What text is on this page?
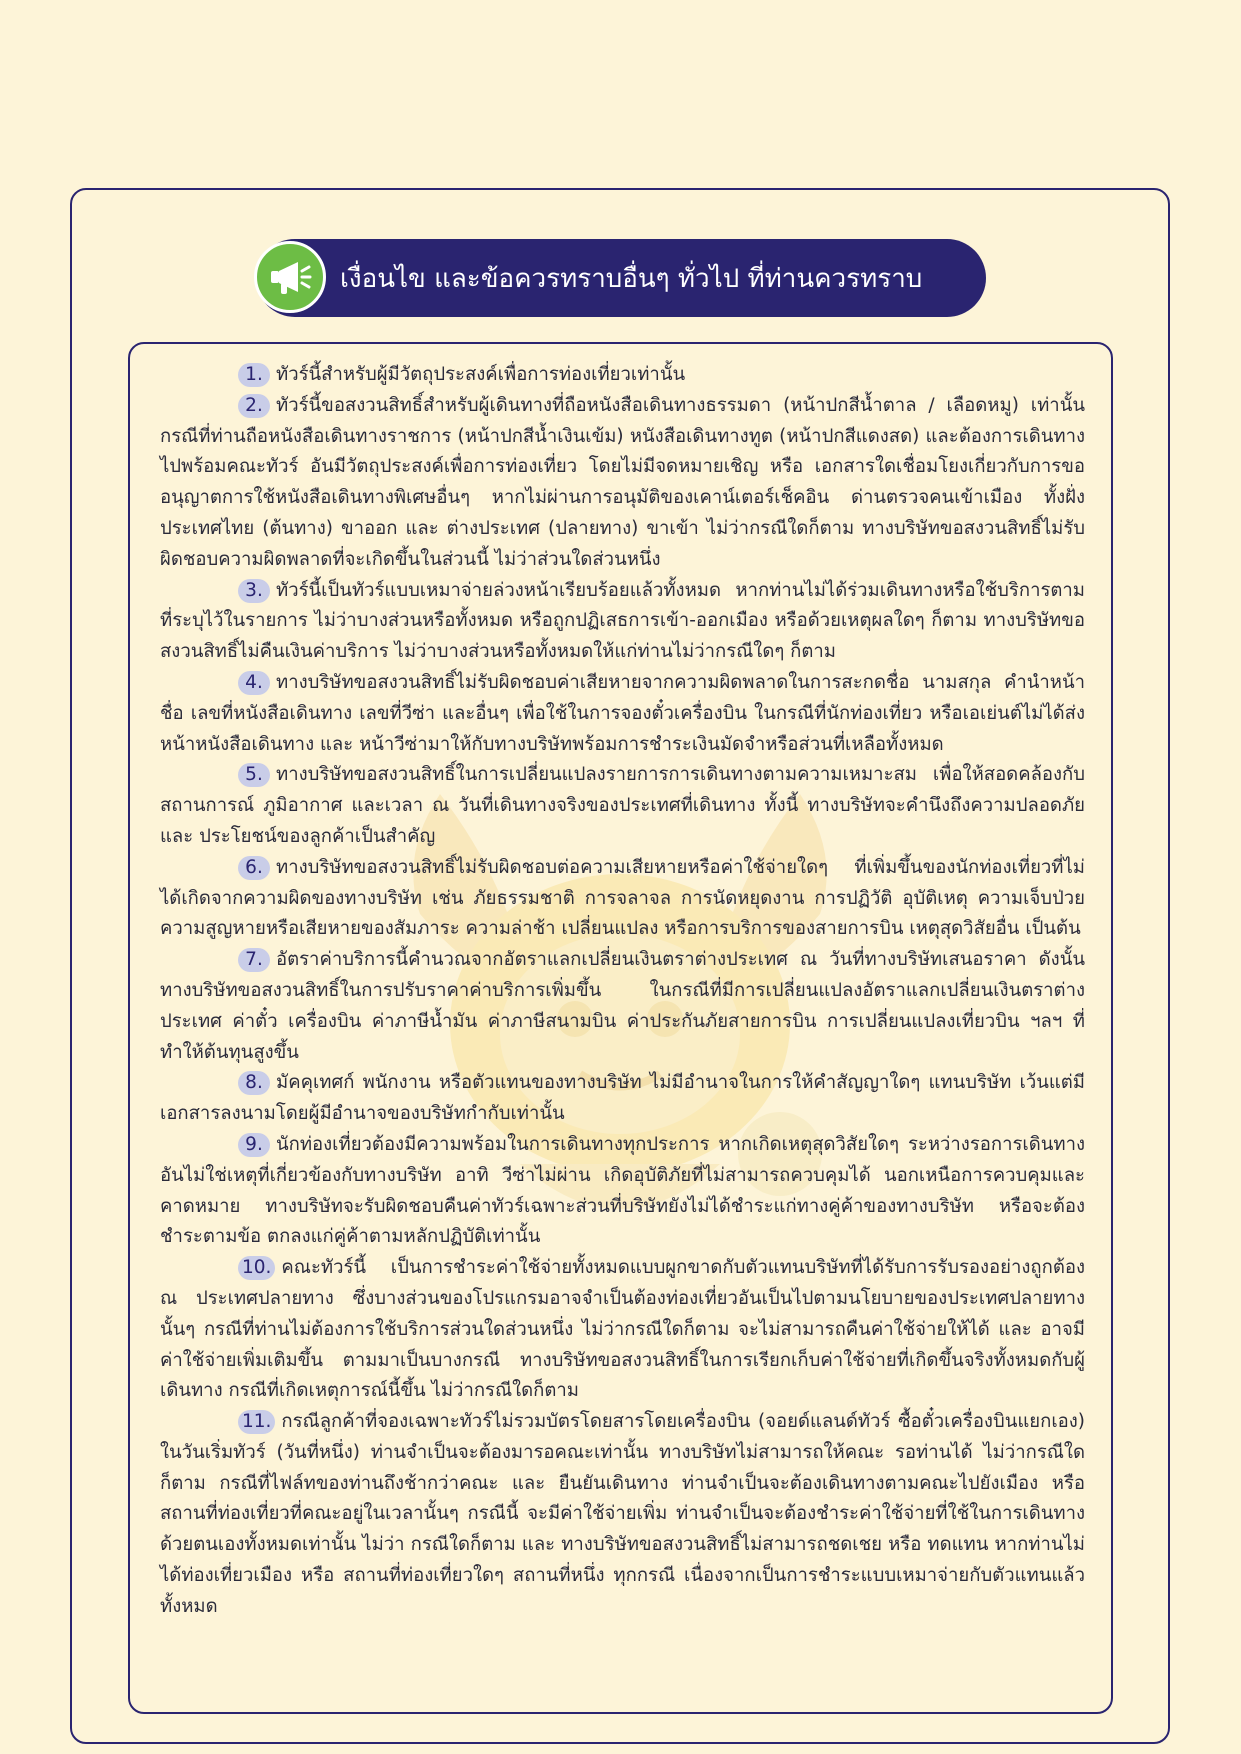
เงื่อนไข และข้อควรทราบอื่นๆ ทั่วไป ที่ท่านควรทราบ
1. ทัวร์นี้สำหรับผู้มีวัตถุประสงค์เพื่อการท่องเที่ยวเท่านั้น
2. ทัวร์นี้ขอสงวนสิทธิ์สำหรับผู้เดินทางที่ถือหนังสือเดินทางธรรมดา (หน้าปกสีน้ำตาล / เลือดหมู) เท่านั้น กรณีที่ท่านถือหนังสือเดินทางราชการ (หน้าปกสีน้ำเงินเข้ม) หนังสือเดินทางทูต (หน้าปกสีแดงสด) และต้องการเดินทางไปพร้อมคณะทัวร์ อันมีวัตถุประสงค์เพื่อการท่องเที่ยว โดยไม่มีจดหมายเชิญ หรือ เอกสารใดเชื่อมโยงเกี่ยวกับการขออนุญาตการใช้หนังสือเดินทางพิเศษอื่นๆ หากไม่ผ่านการอนุมัติของเคาน์เตอร์เช็คอิน ด่านตรวจคนเข้าเมือง ทั้งฝั่งประเทศไทย (ต้นทาง) ขาออก และ ต่างประเทศ (ปลายทาง) ขาเข้า ไม่ว่ากรณีใดก็ตาม ทางบริษัทขอสงวนสิทธิ์ไม่รับผิดชอบความผิดพลาดที่จะเกิดขึ้นในส่วนนี้ ไม่ว่าส่วนใดส่วนหนึ่ง
3. ทัวร์นี้เป็นทัวร์แบบเหมาจ่ายล่วงหน้าเรียบร้อยแล้วทั้งหมด หากท่านไม่ได้ร่วมเดินทางหรือใช้บริการตามที่ระบุไว้ในรายการ ไม่ว่าบางส่วนหรือทั้งหมด หรือถูกปฏิเสธการเข้า-ออกเมือง หรือด้วยเหตุผลใดๆ ก็ตาม ทางบริษัทขอสงวนสิทธิ์ไม่คืนเงินค่าบริการ ไม่ว่าบางส่วนหรือทั้งหมดให้แก่ท่านไม่ว่ากรณีใดๆ ก็ตาม
4. ทางบริษัทขอสงวนสิทธิ์ไม่รับผิดชอบค่าเสียหายจากความผิดพลาดในการสะกดชื่อ นามสกุล คำนำหน้าชื่อ เลขที่หนังสือเดินทาง เลขที่วีซ่า และอื่นๆ เพื่อใช้ในการจองตั๋วเครื่องบิน ในกรณีที่นักท่องเที่ยว หรือเอเย่นต์ไม่ได้ส่งหน้าหนังสือเดินทาง และ หน้าวีซ่ามาให้กับทางบริษัทพร้อมการชำระเงินมัดจำหรือส่วนที่เหลือทั้งหมด
5. ทางบริษัทขอสงวนสิทธิ์ในการเปลี่ยนแปลงรายการการเดินทางตามความเหมาะสม เพื่อให้สอดคล้องกับ สถานการณ์ ภูมิอากาศ และเวลา ณ วันที่เดินทางจริงของประเทศที่เดินทาง ทั้งนี้ ทางบริษัทจะคำนึงถึงความปลอดภัย และ ประโยชน์ของลูกค้าเป็นสำคัญ
6. ทางบริษัทขอสงวนสิทธิ์ไม่รับผิดชอบต่อความเสียหายหรือค่าใช้จ่ายใดๆ ที่เพิ่มขึ้นของนักท่องเที่ยวที่ไม่ได้เกิดจากความผิดของทางบริษัท เช่น ภัยธรรมชาติ การจลาจล การนัดหยุดงาน การปฏิวัติ อุบัติเหตุ ความเจ็บป่วย ความสูญหายหรือเสียหายของสัมภาระ ความล่าช้า เปลี่ยนแปลง หรือการบริการของสายการบิน เหตุสุดวิสัยอื่น เป็นต้น
7. อัตราค่าบริการนี้คำนวณจากอัตราแลกเปลี่ยนเงินตราต่างประเทศ ณ วันที่ทางบริษัทเสนอราคา ดังนั้น ทางบริษัทขอสงวนสิทธิ์ในการปรับราคาค่าบริการเพิ่มขึ้น ในกรณีที่มีการเปลี่ยนแปลงอัตราแลกเปลี่ยนเงินตราต่างประเทศ ค่าตั๋ว เครื่องบิน ค่าภาษีน้ำมัน ค่าภาษีสนามบิน ค่าประกันภัยสายการบิน การเปลี่ยนแปลงเที่ยวบิน ฯลฯ ที่ทำให้ต้นทุนสูงขึ้น
8. มัคคุเทศก์ พนักงาน หรือตัวแทนของทางบริษัท ไม่มีอำนาจในการให้คำสัญญาใดๆ แทนบริษัท เว้นแต่มีเอกสารลงนามโดยผู้มีอำนาจของบริษัทกำกับเท่านั้น
9. นักท่องเที่ยวต้องมีความพร้อมในการเดินทางทุกประการ หากเกิดเหตุสุดวิสัยใดๆ ระหว่างรอการเดินทาง อันไม่ใช่เหตุที่เกี่ยวข้องกับทางบริษัท อาทิ วีซ่าไม่ผ่าน เกิดอุบัติภัยที่ไม่สามารถควบคุมได้ นอกเหนือการควบคุมและคาดหมาย ทางบริษัทจะรับผิดชอบคืนค่าทัวร์เฉพาะส่วนที่บริษัทยังไม่ได้ชำระแก่ทางคู่ค้าของทางบริษัท หรือจะต้องชำระตามข้อ ตกลงแก่คู่ค้าตามหลักปฏิบัติเท่านั้น
10. คณะทัวร์นี้ เป็นการชำระค่าใช้จ่ายทั้งหมดแบบผูกขาดกับตัวแทนบริษัทที่ได้รับการรับรองอย่างถูกต้อง ณ ประเทศปลายทาง ซึ่งบางส่วนของโปรแกรมอาจจำเป็นต้องท่องเที่ยวอันเป็นไปตามนโยบายของประเทศปลายทางนั้นๆ กรณีที่ท่านไม่ต้องการใช้บริการส่วนใดส่วนหนึ่ง ไม่ว่ากรณีใดก็ตาม จะไม่สามารถคืนค่าใช้จ่ายให้ได้ และ อาจมีค่าใช้จ่ายเพิ่มเติมขึ้น ตามมาเป็นบางกรณี ทางบริษัทขอสงวนสิทธิ์ในการเรียกเก็บค่าใช้จ่ายที่เกิดขึ้นจริงทั้งหมดกับผู้เดินทาง กรณีที่เกิดเหตุการณ์นี้ขึ้น ไม่ว่ากรณีใดก็ตาม
11. กรณีลูกค้าที่จองเฉพาะทัวร์ไม่รวมบัตรโดยสารโดยเครื่องบิน (จอยด์แลนด์ทัวร์ ซื้อตั๋วเครื่องบินแยกเอง) ในวันเริ่มทัวร์ (วันที่หนึ่ง) ท่านจำเป็นจะต้องมารอคณะเท่านั้น ทางบริษัทไม่สามารถให้คณะ รอท่านได้ ไม่ว่ากรณีใดก็ตาม กรณีที่ไฟล์ทของท่านถึงช้ากว่าคณะ และ ยืนยันเดินทาง ท่านจำเป็นจะต้องเดินทางตามคณะไปยังเมือง หรือ สถานที่ท่องเที่ยวที่คณะอยู่ในเวลานั้นๆ กรณีนี้ จะมีค่าใช้จ่ายเพิ่ม ท่านจำเป็นจะต้องชำระค่าใช้จ่ายที่ใช้ในการเดินทางด้วยตนเองทั้งหมดเท่านั้น ไม่ว่า กรณีใดก็ตาม และ ทางบริษัทขอสงวนสิทธิ์ไม่สามารถชดเชย หรือ ทดแทน หากท่านไม่ได้ท่องเที่ยวเมือง หรือ สถานที่ท่องเที่ยวใดๆ สถานที่หนึ่ง ทุกกรณี เนื่องจากเป็นการชำระแบบเหมาจ่ายกับตัวแทนแล้วทั้งหมด
